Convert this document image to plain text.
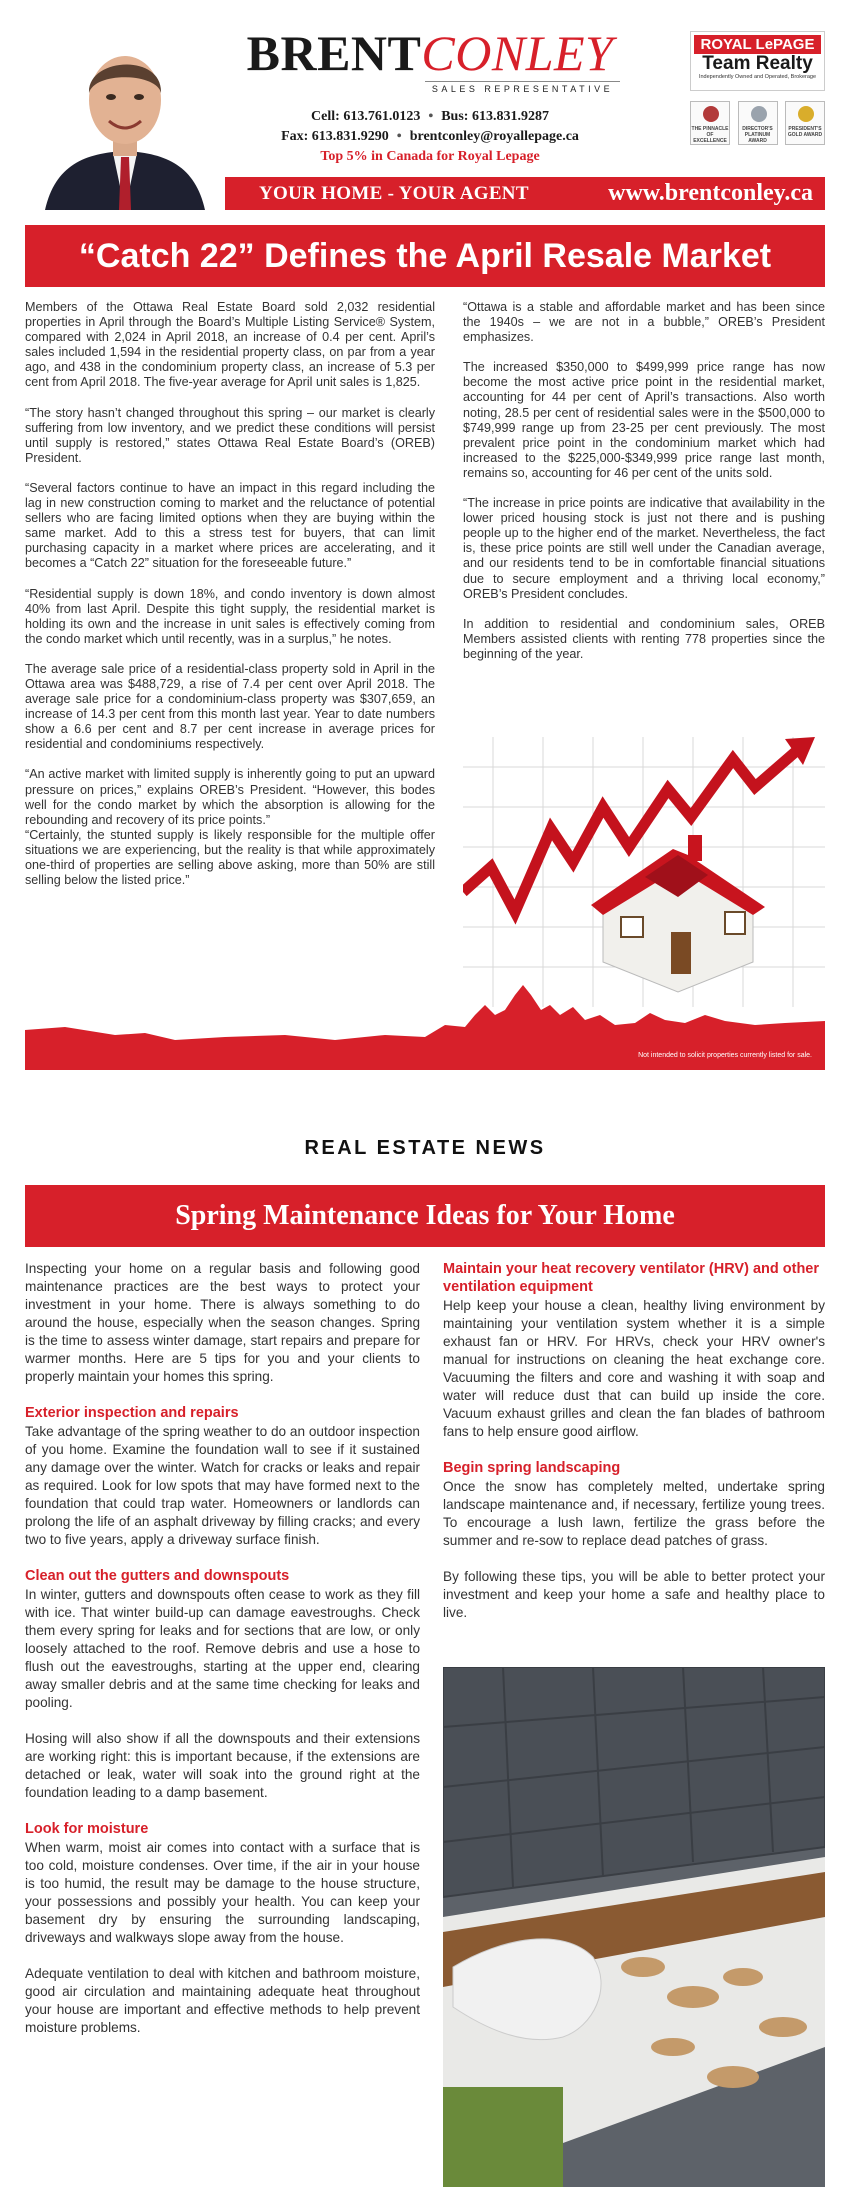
BRENTCONLEY
SALES REPRESENTATIVE
Cell: 613.761.0123 • Bus: 613.831.9287
Fax: 613.831.9290 • brentconley@royallepage.ca
Top 5% in Canada for Royal Lepage
YOUR HOME - YOUR AGENT	www.brentconley.ca
ROYAL LePAGE
Team Realty
Independently Owned and Operated, Brokerage
THE PINNACLE OF EXCELLENCE
DIRECTOR'S PLATINUM AWARD
PRESIDENT'S GOLD AWARD
“Catch 22” Defines the April Resale Market

Members of the Ottawa Real Estate Board sold 2,032 residential properties in April through the Board’s Multiple Listing Service® System, compared with 2,024 in April 2018, an increase of 0.4 per cent. April’s sales included 1,594 in the residential property class, on par from a year ago, and 438 in the condominium property class, an increase of 5.3 per cent from April 2018. The five-year average for April unit sales is 1,825.

“The story hasn’t changed throughout this spring – our market is clearly suffering from low inventory, and we predict these conditions will persist until supply is restored,” states Ottawa Real Estate Board’s (OREB) President.

“Several factors continue to have an impact in this regard including the lag in new construction coming to market and the reluctance of potential sellers who are facing limited options when they are buying within the same market. Add to this a stress test for buyers, that can limit purchasing capacity in a market where prices are accelerating, and it becomes a “Catch 22” situation for the foreseeable future.”

“Residential supply is down 18%, and condo inventory is down almost 40% from last April. Despite this tight supply, the residential market is holding its own and the increase in unit sales is effectively coming from the condo market which until recently, was in a surplus,” he notes.

The average sale price of a residential-class property sold in April in the Ottawa area was $488,729, a rise of 7.4 per cent over April 2018. The average sale price for a condominium-class property was $307,659, an increase of 14.3 per cent from this month last year. Year to date numbers show a 6.6 per cent and 8.7 per cent increase in average prices for residential and condominiums respectively.

“An active market with limited supply is inherently going to put an upward pressure on prices,” explains OREB’s President. “However, this bodes well for the condo market by which the absorption is allowing for the rebounding and recovery of its price points.”

“Certainly, the stunted supply is likely responsible for the multiple offer situations we are experiencing, but the reality is that while approximately one-third of properties are selling above asking, more than 50% are still selling below the listed price.”

“Ottawa is a stable and affordable market and has been since the 1940s – we are not in a bubble,” OREB’s President emphasizes.

The increased $350,000 to $499,999 price range has now become the most active price point in the residential market, accounting for 44 per cent of April’s transactions. Also worth noting, 28.5 per cent of residential sales were in the $500,000 to $749,999 range up from 23-25 per cent previously. The most prevalent price point in the condominium market which had increased to the $225,000-$349,999 price range last month, remains so, accounting for 46 per cent of the units sold.

“The increase in price points are indicative that availability in the lower priced housing stock is just not there and is pushing people up to the higher end of the market. Nevertheless, the fact is, these price points are still well under the Canadian average, and our residents tend to be in comfortable financial situations due to secure employment and a thriving local economy,” OREB’s President concludes.

In addition to residential and condominium sales, OREB Members assisted clients with renting 778 properties since the beginning of the year.

Not intended to solicit properties currently listed for sale.
REAL ESTATE NEWS
Spring Maintenance Ideas for Your Home

Inspecting your home on a regular basis and following good maintenance practices are the best ways to protect your investment in your home. There is always something to do around the house, especially when the season changes. Spring is the time to assess winter damage, start repairs and prepare for warmer months. Here are 5 tips for you and your clients to properly maintain your homes this spring.

Exterior inspection and repairs

Take advantage of the spring weather to do an outdoor inspection of you home. Examine the foundation wall to see if it sustained any damage over the winter. Watch for cracks or leaks and repair as required. Look for low spots that may have formed next to the foundation that could trap water. Homeowners or landlords can prolong the life of an asphalt driveway by filling cracks; and every two to five years, apply a driveway surface finish.

Clean out the gutters and downspouts

In winter, gutters and downspouts often cease to work as they fill with ice. That winter build-up can damage eavestroughs. Check them every spring for leaks and for sections that are low, or only loosely attached to the roof. Remove debris and use a hose to flush out the eavestroughs, starting at the upper end, clearing away smaller debris and at the same time checking for leaks and pooling.

Hosing will also show if all the downspouts and their extensions are working right: this is important because, if the extensions are detached or leak, water will soak into the ground right at the foundation leading to a damp basement.

Look for moisture

When warm, moist air comes into contact with a surface that is too cold, moisture condenses. Over time, if the air in your house is too humid, the result may be damage to the house structure, your possessions and possibly your health. You can keep your basement dry by ensuring the surrounding landscaping, driveways and walkways slope away from the house.

Adequate ventilation to deal with kitchen and bathroom moisture, good air circulation and maintaining adequate heat throughout your house are important and effective methods to help prevent moisture problems.

Maintain your heat recovery ventilator (HRV) and other ventilation equipment

Help keep your house a clean, healthy living environment by maintaining your ventilation system whether it is a simple exhaust fan or HRV. For HRVs, check your HRV owner's manual for instructions on cleaning the heat exchange core. Vacuuming the filters and core and washing it with soap and water will reduce dust that can build up inside the core. Vacuum exhaust grilles and clean the fan blades of bathroom fans to help ensure good airflow.

Begin spring landscaping

Once the snow has completely melted, undertake spring landscape maintenance and, if necessary, fertilize young trees. To encourage a lush lawn, fertilize the grass before the summer and re-sow to replace dead patches of grass.

By following these tips, you will be able to better protect your investment and keep your home a safe and healthy place to live.
